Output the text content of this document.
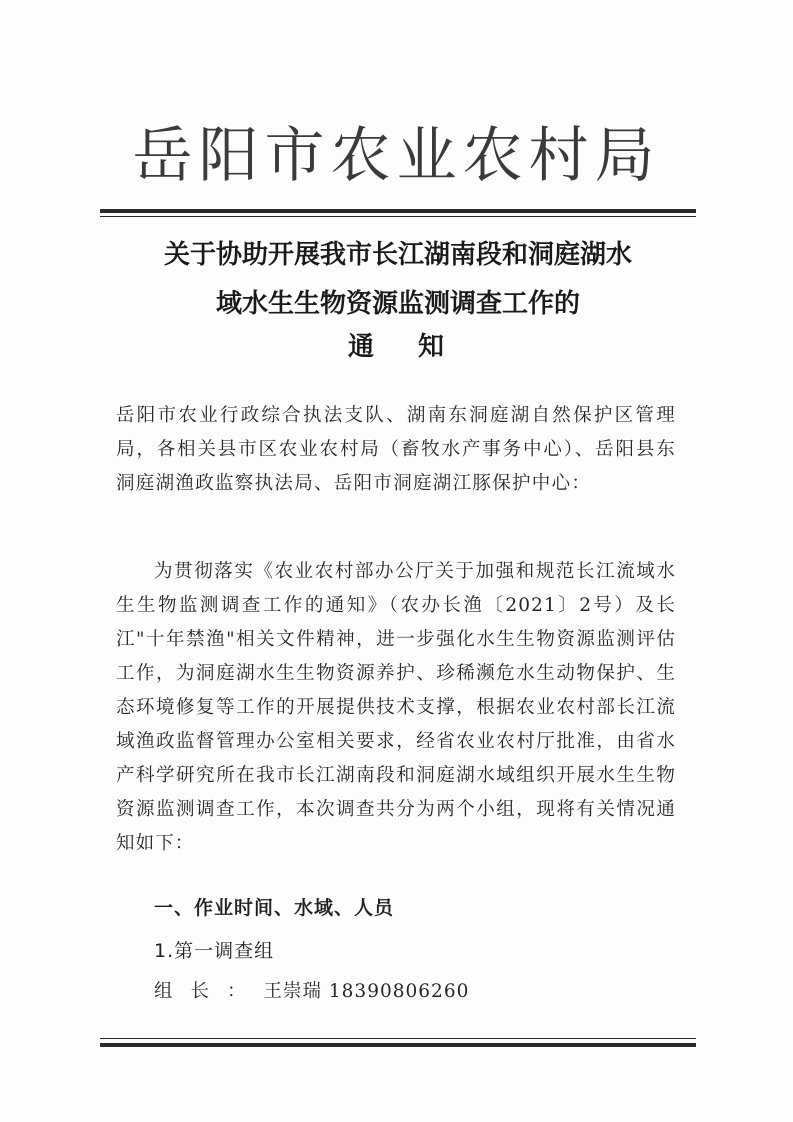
岳阳市农业农村局
关于协助开展我市长江湖南段和洞庭湖水
域水生生物资源监测调查工作的
通知
岳阳市农业行政综合执法支队、湖南东洞庭湖自然保护区管理局，各相关县市区农业农村局（畜牧水产事务中心）、岳阳县东洞庭湖渔政监察执法局、岳阳市洞庭湖江豚保护中心：
为贯彻落实《农业农村部办公厅关于加强和规范长江流域水生生物监测调查工作的通知》（农办长渔〔2021〕2号）及长江"十年禁渔"相关文件精神，进一步强化水生生物资源监测评估工作，为洞庭湖水生生物资源养护、珍稀濒危水生动物保护、生态环境修复等工作的开展提供技术支撑，根据农业农村部长江流域渔政监督管理办公室相关要求，经省农业农村厅批准，由省水产科学研究所在我市长江湖南段和洞庭湖水域组织开展水生生物资源监测调查工作，本次调查共分为两个小组，现将有关情况通知如下：
一、作业时间、水域、人员
1.第一调查组
组长：王崇瑞 18390806260
